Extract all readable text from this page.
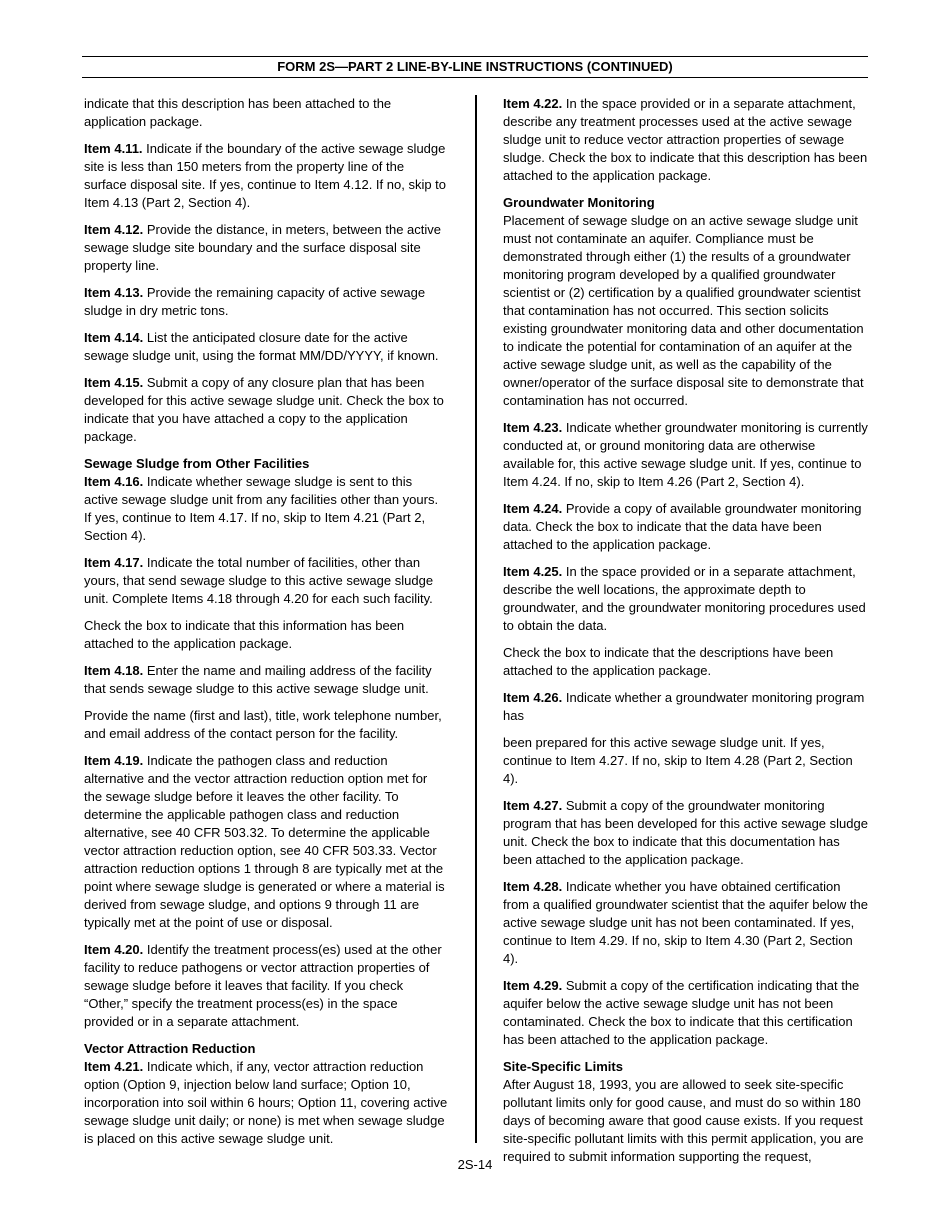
FORM 2S—PART 2 LINE-BY-LINE INSTRUCTIONS (CONTINUED)

indicate that this description has been attached to the application package.

Item 4.11. Indicate if the boundary of the active sewage sludge site is less than 150 meters from the property line of the surface disposal site. If yes, continue to Item 4.12. If no, skip to Item 4.13 (Part 2, Section 4).

Item 4.12. Provide the distance, in meters, between the active sewage sludge site boundary and the surface disposal site property line.

Item 4.13. Provide the remaining capacity of active sewage sludge in dry metric tons.

Item 4.14. List the anticipated closure date for the active sewage sludge unit, using the format MM/DD/YYYY, if known.

Item 4.15. Submit a copy of any closure plan that has been developed for this active sewage sludge unit. Check the box to indicate that you have attached a copy to the application package.

Sewage Sludge from Other Facilities

Item 4.16. Indicate whether sewage sludge is sent to this active sewage sludge unit from any facilities other than yours. If yes, continue to Item 4.17. If no, skip to Item 4.21 (Part 2, Section 4).

Item 4.17. Indicate the total number of facilities, other than yours, that send sewage sludge to this active sewage sludge unit. Complete Items 4.18 through 4.20 for each such facility.

Check the box to indicate that this information has been attached to the application package.

Item 4.18. Enter the name and mailing address of the facility that sends sewage sludge to this active sewage sludge unit.

Provide the name (first and last), title, work telephone number, and email address of the contact person for the facility.

Item 4.19. Indicate the pathogen class and reduction alternative and the vector attraction reduction option met for the sewage sludge before it leaves the other facility. To determine the applicable pathogen class and reduction alternative, see 40 CFR 503.32. To determine the applicable vector attraction reduction option, see 40 CFR 503.33. Vector attraction reduction options 1 through 8 are typically met at the point where sewage sludge is generated or where a material is derived from sewage sludge, and options 9 through 11 are typically met at the point of use or disposal.

Item 4.20. Identify the treatment process(es) used at the other facility to reduce pathogens or vector attraction properties of sewage sludge before it leaves that facility. If you check “Other,” specify the treatment process(es) in the space provided or in a separate attachment.

Vector Attraction Reduction

Item 4.21. Indicate which, if any, vector attraction reduction option (Option 9, injection below land surface; Option 10, incorporation into soil within 6 hours; Option 11, covering active sewage sludge unit daily; or none) is met when sewage sludge is placed on this active sewage sludge unit.

Item 4.22. In the space provided or in a separate attachment, describe any treatment processes used at the active sewage sludge unit to reduce vector attraction properties of sewage sludge. Check the box to indicate that this description has been attached to the application package.

Groundwater Monitoring

Placement of sewage sludge on an active sewage sludge unit must not contaminate an aquifer. Compliance must be demonstrated through either (1) the results of a groundwater monitoring program developed by a qualified groundwater scientist or (2) certification by a qualified groundwater scientist that contamination has not occurred. This section solicits existing groundwater monitoring data and other documentation to indicate the potential for contamination of an aquifer at the active sewage sludge unit, as well as the capability of the owner/operator of the surface disposal site to demonstrate that contamination has not occurred.

Item 4.23. Indicate whether groundwater monitoring is currently conducted at, or ground monitoring data are otherwise available for, this active sewage sludge unit. If yes, continue to Item 4.24. If no, skip to Item 4.26 (Part 2, Section 4).

Item 4.24. Provide a copy of available groundwater monitoring data. Check the box to indicate that the data have been attached to the application package.

Item 4.25. In the space provided or in a separate attachment, describe the well locations, the approximate depth to groundwater, and the groundwater monitoring procedures used to obtain the data.

Check the box to indicate that the descriptions have been attached to the application package.

Item 4.26. Indicate whether a groundwater monitoring program has

been prepared for this active sewage sludge unit. If yes, continue to Item 4.27. If no, skip to Item 4.28 (Part 2, Section 4).

Item 4.27. Submit a copy of the groundwater monitoring program that has been developed for this active sewage sludge unit. Check the box to indicate that this documentation has been attached to the application package.

Item 4.28. Indicate whether you have obtained certification from a qualified groundwater scientist that the aquifer below the active sewage sludge unit has not been contaminated. If yes, continue to Item 4.29. If no, skip to Item 4.30 (Part 2, Section 4).

Item 4.29. Submit a copy of the certification indicating that the aquifer below the active sewage sludge unit has not been contaminated. Check the box to indicate that this certification has been attached to the application package.

Site-Specific Limits

After August 18, 1993, you are allowed to seek site-specific pollutant limits only for good cause, and must do so within 180 days of becoming aware that good cause exists. If you request site-specific pollutant limits with this permit application, you are required to submit information supporting the request,

2S-14
